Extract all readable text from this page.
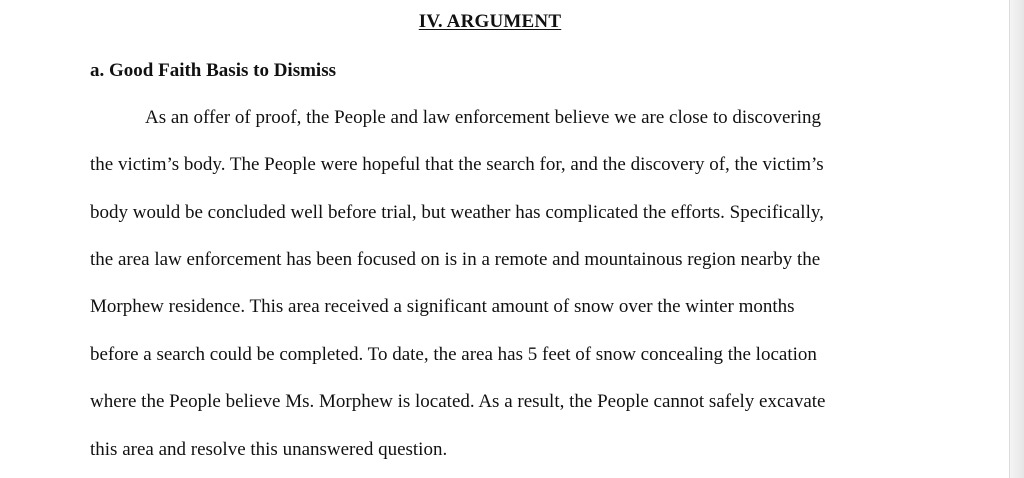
IV. ARGUMENT
a. Good Faith Basis to Dismiss
As an offer of proof, the People and law enforcement believe we are close to discovering
the victim’s body. The People were hopeful that the search for, and the discovery of, the victim’s
body would be concluded well before trial, but weather has complicated the efforts. Specifically,
the area law enforcement has been focused on is in a remote and mountainous region nearby the
Morphew residence. This area received a significant amount of snow over the winter months
before a search could be completed. To date, the area has 5 feet of snow concealing the location
where the People believe Ms. Morphew is located. As a result, the People cannot safely excavate
this area and resolve this unanswered question.
